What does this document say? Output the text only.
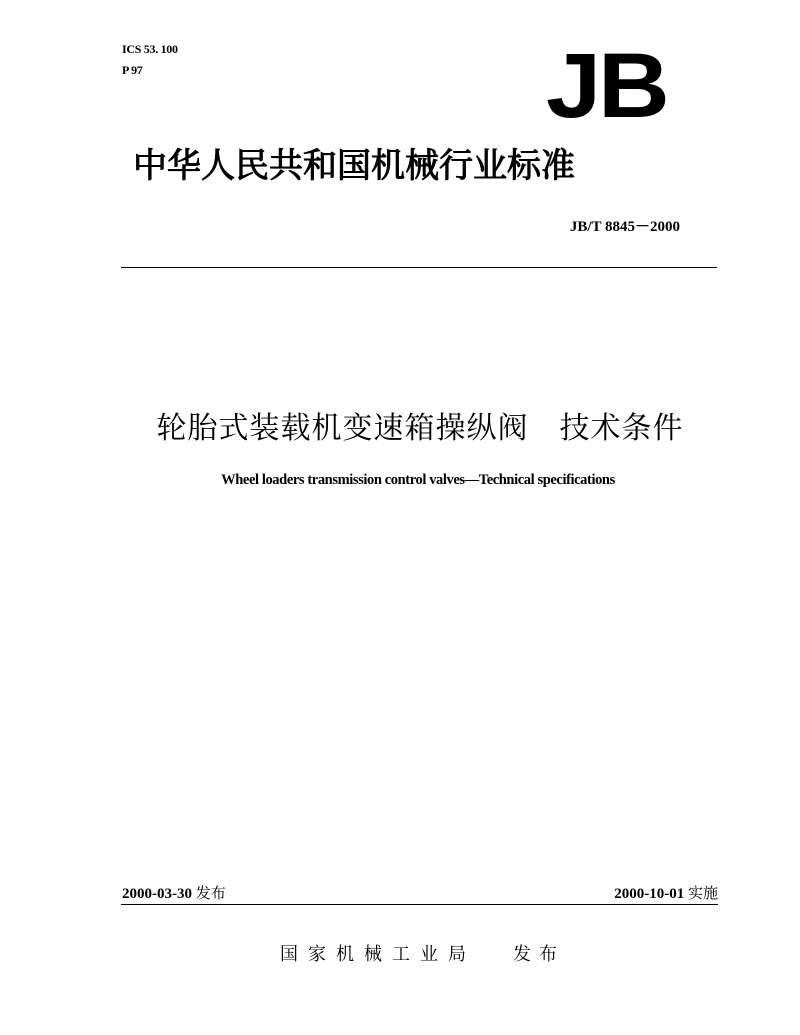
ICS 53. 100
P 97	JB
中华人民共和国机械行业标准
JB/T 8845－2000
轮胎式装载机变速箱操纵阀　技术条件
Wheel loaders transmission control valves—Technical specifications
2000-03-30 发布	2000-10-01 实施
国家机械工业局 发布
